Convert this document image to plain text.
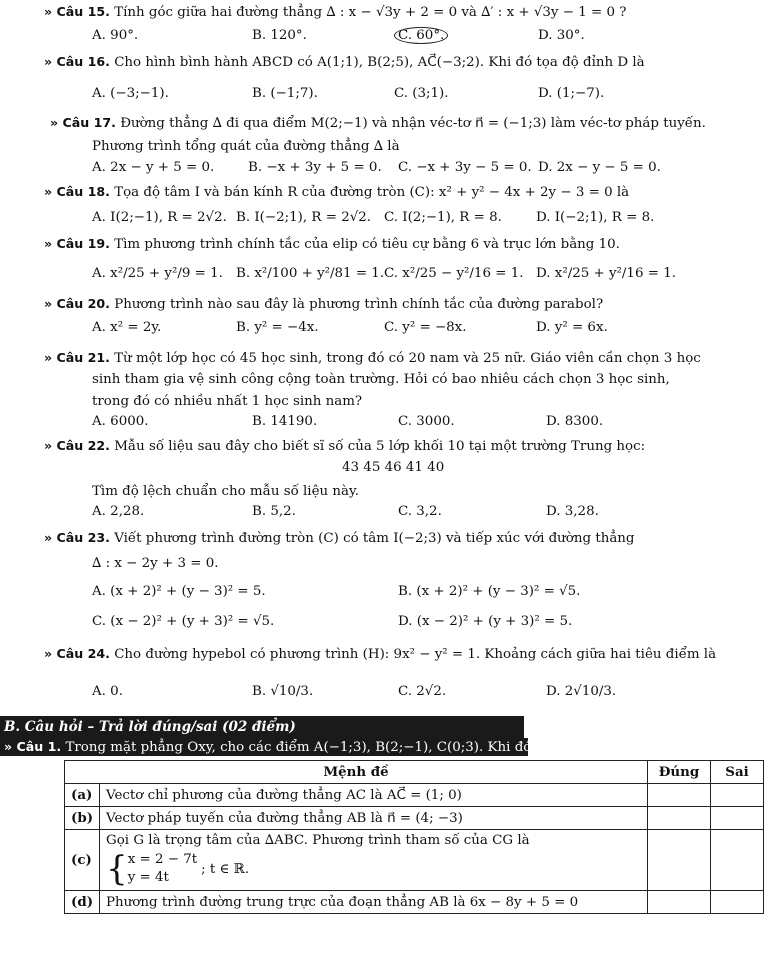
» Câu 15. Tính góc giữa hai đường thẳng ∆ : x − √3y + 2 = 0 và ∆′ : x + √3y − 1 = 0 ?
A. 90°.	B. 120°.	C. 60°.	D. 30°.
» Câu 16. Cho hình bình hành ABCD có A(1;1), B(2;5), AC⃗(−3;2). Khi đó tọa độ đỉnh D là
A. (−3;−1).	B. (−1;7).	C. (3;1).	D. (1;−7).
» Câu 17. Đường thẳng ∆ đi qua điểm M(2;−1) và nhận véc-tơ n⃗ = (−1;3) làm véc-tơ pháp tuyến.
Phương trình tổng quát của đường thẳng ∆ là
A. 2x − y + 5 = 0.	B. −x + 3y + 5 = 0. C. −x + 3y − 5 = 0. D. 2x − y − 5 = 0.
» Câu 18. Tọa độ tâm I và bán kính R của đường tròn (C): x² + y² − 4x + 2y − 3 = 0 là
A. I(2;−1), R = 2√2. B. I(−2;1), R = 2√2. C. I(2;−1), R = 8.	D. I(−2;1), R = 8.
» Câu 19. Tìm phương trình chính tắc của elip có tiêu cự bằng 6 và trục lớn bằng 10.
A. x²/25 + y²/9 = 1. B. x²/100 + y²/81 = 1. C. x²/25 − y²/16 = 1. D. x²/25 + y²/16 = 1.
» Câu 20. Phương trình nào sau đây là phương trình chính tắc của đường parabol?
A. x² = 2y.	B. y² = −4x.	C. y² = −8x.	D. y² = 6x.
» Câu 21. Từ một lớp học có 45 học sinh, trong đó có 20 nam và 25 nữ. Giáo viên cần chọn 3 học
sinh tham gia vệ sinh công cộng toàn trường. Hỏi có bao nhiêu cách chọn 3 học sinh,
trong đó có nhiều nhất 1 học sinh nam?
A. 6000.	B. 14190.	C. 3000.	D. 8300.
» Câu 22. Mẫu số liệu sau đây cho biết sĩ số của 5 lớp khối 10 tại một trường Trung học:
43 45 46 41 40
Tìm độ lệch chuẩn cho mẫu số liệu này.
A. 2,28.	B. 5,2.	C. 3,2.	D. 3,28.
» Câu 23. Viết phương trình đường tròn (C) có tâm I(−2;3) và tiếp xúc với đường thẳng
∆ : x − 2y + 3 = 0.
A. (x + 2)² + (y − 3)² = 5.	B. (x + 2)² + (y − 3)² = √5.
C. (x − 2)² + (y + 3)² = √5.	D. (x − 2)² + (y + 3)² = 5.
» Câu 24. Cho đường hypebol có phương trình (H): 9x² − y² = 1. Khoảng cách giữa hai tiêu điểm là
A. 0.	B. √10/3.	C. 2√2.	D. 2√10/3.
B. Câu hỏi – Trả lời đúng/sai (02 điểm)
» Câu 1. Trong mặt phẳng Oxy, cho các điểm A(−1;3), B(2;−1), C(0;3). Khi đó:
Mệnh đề		Đúng	Sai
(a)	Vectơ chỉ phương của đường thẳng AC là AC⃗ = (1; 0)		
(b)	Vectơ pháp tuyến của đường thẳng AB là n⃗ = (4; −3)		
(c)	Gọi G là trọng tâm của ∆ABC. Phương trình tham số của CG là
{ x = 2 − 7t
y = 4t
; t ∈ ℝ.		

(d)	Phương trình đường trung trực của đoạn thẳng AB là 6x − 8y + 5 = 0		
